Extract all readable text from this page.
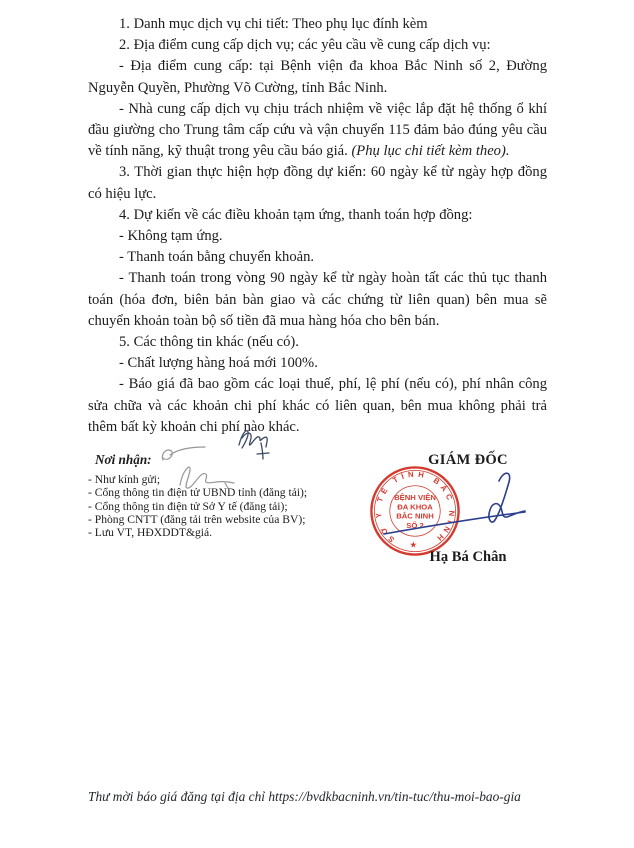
1. Danh mục dịch vụ chi tiết: Theo phụ lục đính kèm

2. Địa điểm cung cấp dịch vụ; các yêu cầu về cung cấp dịch vụ:

- Địa điểm cung cấp: tại Bệnh viện đa khoa Bắc Ninh số 2, Đường Nguyễn Quyền, Phường Võ Cường, tỉnh Bắc Ninh.

- Nhà cung cấp dịch vụ chịu trách nhiệm về việc lắp đặt hệ thống ổ khí đầu giường cho Trung tâm cấp cứu và vận chuyển 115 đảm bảo đúng yêu cầu về tính năng, kỹ thuật trong yêu cầu báo giá. (Phụ lục chi tiết kèm theo).

3. Thời gian thực hiện hợp đồng dự kiến: 60 ngày kể từ ngày hợp đồng có hiệu lực.

4. Dự kiến về các điều khoản tạm ứng, thanh toán hợp đồng:

- Không tạm ứng.

- Thanh toán bằng chuyển khoản.

- Thanh toán trong vòng 90 ngày kể từ ngày hoàn tất các thủ tục thanh toán (hóa đơn, biên bản bàn giao và các chứng từ liên quan) bên mua sẽ chuyển khoản toàn bộ số tiền đã mua hàng hóa cho bên bán.

5. Các thông tin khác (nếu có).

- Chất lượng hàng hoá mới 100%.

- Báo giá đã bao gồm các loại thuế, phí, lệ phí (nếu có), phí nhân công sửa chữa và các khoản chi phí khác có liên quan, bên mua không phải trả thêm bất kỳ khoản chi phí nào khác.

Nơi nhận:
- Như kính gửi;
- Cổng thông tin điện tử UBND tỉnh (đăng tải);
- Cổng thông tin điện tử Sở Y tế (đăng tải);
- Phòng CNTT (đăng tải trên website của BV);
- Lưu VT, HĐXDDT&giá.
GIÁM ĐỐC
SỞ Y TẾ TỈNH BẮC NINH
BỆNH VIỆN
ĐA KHOA
BẮC NINH
SỐ 2
★
Hạ Bá Chân
Thư mời báo giá đăng tại địa chỉ https://bvdkbacninh.vn/tin-tuc/thu-moi-bao-gia
